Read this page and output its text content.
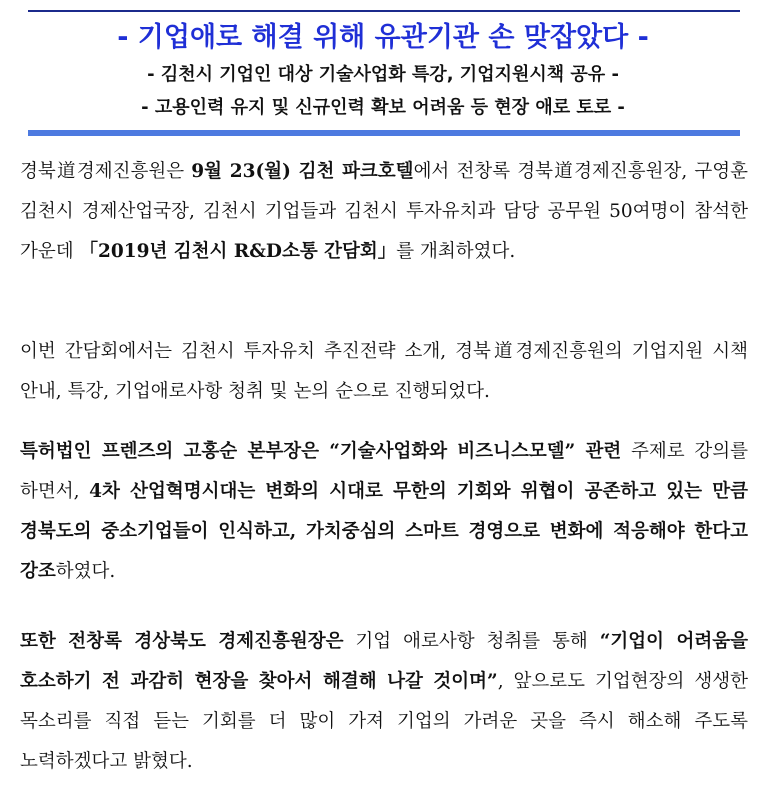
- 기업애로 해결 위해 유관기관 손 맞잡았다 -
- 김천시 기업인 대상 기술사업화 특강, 기업지원시책 공유 -
- 고용인력 유지 및 신규인력 확보 어려움 등 현장 애로 토로 -
경북道경제진흥원은 9월 23(월) 김천 파크호텔에서 전창록 경북道경제진흥원장, 구영훈 김천시 경제산업국장, 김천시 기업들과 김천시 투자유치과 담당 공무원 50여명이 참석한 가운데 「2019년 김천시 R&D소통 간담회」를 개최하였다.
이번 간담회에서는 김천시 투자유치 추진전략 소개, 경북道경제진흥원의 기업지원 시책 안내, 특강, 기업애로사항 청취 및 논의 순으로 진행되었다.
특허법인 프렌즈의 고홍순 본부장은 “기술사업화와 비즈니스모델” 관련 주제로 강의를 하면서, 4차 산업혁명시대는 변화의 시대로 무한의 기회와 위협이 공존하고 있는 만큼 경북도의 중소기업들이 인식하고, 가치중심의 스마트 경영으로 변화에 적응해야 한다고 강조하였다.
또한 전창록 경상북도 경제진흥원장은 기업 애로사항 청취를 통해 “기업이 어려움을 호소하기 전 과감히 현장을 찾아서 해결해 나갈 것이며”, 앞으로도 기업현장의 생생한 목소리를 직접 듣는 기회를 더 많이 가져 기업의 가려운 곳을 즉시 해소해 주도록 노력하겠다고 밝혔다.
